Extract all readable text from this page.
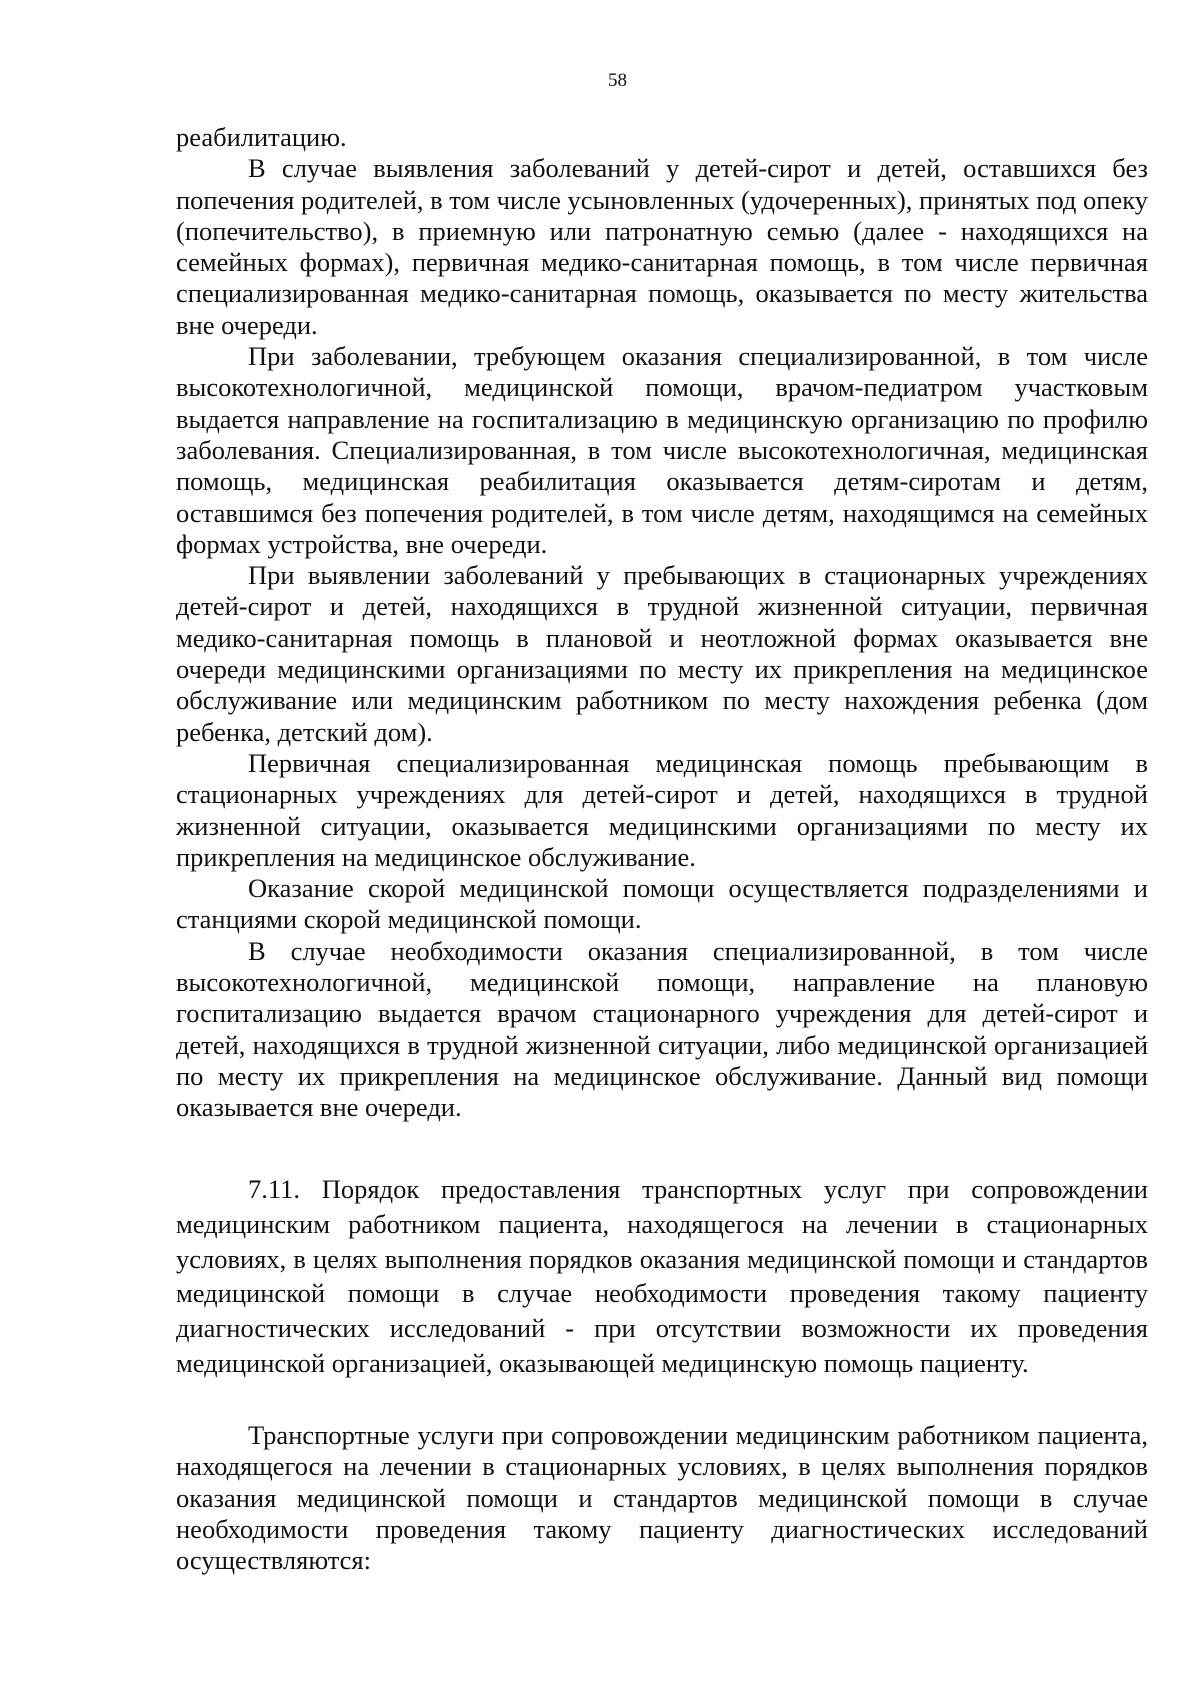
58

реабилитацию.

В случае выявления заболеваний у детей-сирот и детей, оставшихся без попечения родителей, в том числе усыновленных (удочеренных), принятых под опеку (попечительство), в приемную или патронатную семью (далее - находящихся на семейных формах), первичная медико-санитарная помощь, в том числе первичная специализированная медико-санитарная помощь, оказывается по месту жительства вне очереди.

При заболевании, требующем оказания специализированной, в том числе высокотехнологичной, медицинской помощи, врачом-педиатром участковым выдается направление на госпитализацию в медицинскую организацию по профилю заболевания. Специализированная, в том числе высокотехнологичная, медицинская помощь, медицинская реабилитация оказывается детям-сиротам и детям, оставшимся без попечения родителей, в том числе детям, находящимся на семейных формах устройства, вне очереди.

При выявлении заболеваний у пребывающих в стационарных учреждениях детей-сирот и детей, находящихся в трудной жизненной ситуации, первичная медико-санитарная помощь в плановой и неотложной формах оказывается вне очереди медицинскими организациями по месту их прикрепления на медицинское обслуживание или медицинским работником по месту нахождения ребенка (дом ребенка, детский дом).

Первичная специализированная медицинская помощь пребывающим в стационарных учреждениях для детей-сирот и детей, находящихся в трудной жизненной ситуации, оказывается медицинскими организациями по месту их прикрепления на медицинское обслуживание.

Оказание скорой медицинской помощи осуществляется подразделениями и станциями скорой медицинской помощи.

В случае необходимости оказания специализированной, в том числе высокотехнологичной, медицинской помощи, направление на плановую госпитализацию выдается врачом стационарного учреждения для детей-сирот и детей, находящихся в трудной жизненной ситуации, либо медицинской организацией по месту их прикрепления на медицинское обслуживание. Данный вид помощи оказывается вне очереди.

7.11. Порядок предоставления транспортных услуг при сопровождении медицинским работником пациента, находящегося на лечении в стационарных условиях, в целях выполнения порядков оказания медицинской помощи и стандартов медицинской помощи в случае необходимости проведения такому пациенту диагностических исследований - при отсутствии возможности их проведения медицинской организацией, оказывающей медицинскую помощь пациенту.

Транспортные услуги при сопровождении медицинским работником пациента, находящегося на лечении в стационарных условиях, в целях выполнения порядков оказания медицинской помощи и стандартов медицинской помощи в случае необходимости проведения такому пациенту диагностических исследований осуществляются:
